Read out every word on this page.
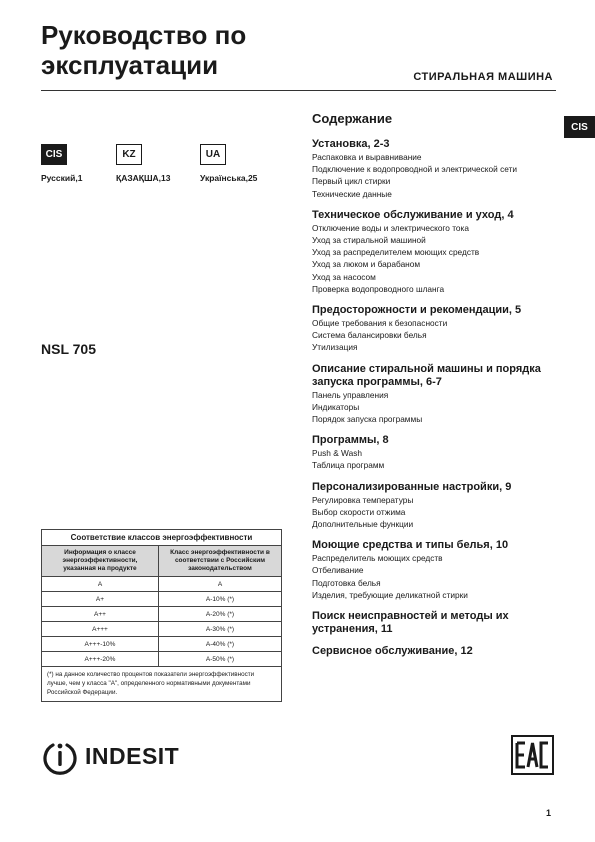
Руководство по
эксплуатации	СТИРАЛЬНАЯ МАШИНА
CIS
CIS
Русский,1
KZ
ҚАЗАҚША,13
UA
Українська,25
NSL 705
Соответствие классов энергоэффективности
Информация о классе энергоэффективности, указанная на продукте	Класс энергоэффективности в соответствии с Российским законодательством
A	A
A+	A-10% (*)
A++	A-20% (*)
A+++	A-30% (*)
A+++-10%	A-40% (*)
A+++-20%	A-50% (*)
(*) на данное количество процентов показатели энергоэффективности лучше, чем у класса "А", определенного нормативными документами Российской Федерации.
INDESIT
1
Содержание
Установка, 2-3
Распаковка и выравнивание
Подключение к водопроводной и электрической сети
Первый цикл стирки
Технические данные
Техническое обслуживание и уход, 4
Отключение воды и электрического тока
Уход за стиральной машиной
Уход за распределителем моющих средств
Уход за люком и барабаном
Уход за насосом
Проверка водопроводного шланга
Предосторожности и рекомендации, 5
Общие требования к безопасности
Система балансировки белья
Утилизация
Описание стиральной машины и порядка запуска программы, 6-7
Панель управления
Индикаторы
Порядок запуска программы
Программы, 8
Push & Wash
Таблица программ
Персонализированные настройки, 9
Регулировка температуры
Выбор скорости отжима
Дополнительные функции
Моющие средства и типы белья, 10
Распределитель моющих средств
Отбеливание
Подготовка белья
Изделия, требующие деликатной стирки
Поиск неисправностей и методы их устранения, 11
Сервисное обслуживание, 12
